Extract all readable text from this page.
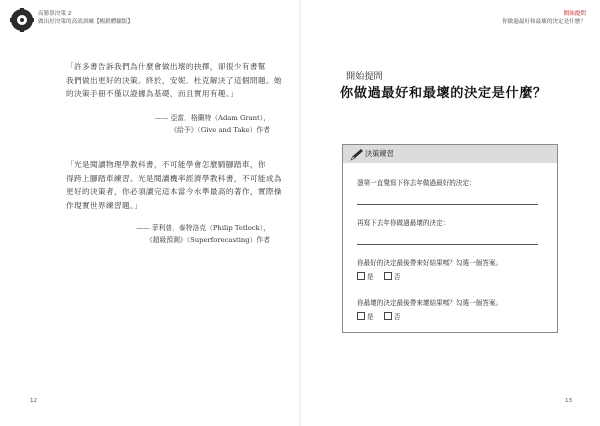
高勝算決策 2
做出好決策的高效訓練【暢銷體驗版】
「許多書告訴我們為什麼會做出壞的抉擇，卻很少有書幫
我們做出更好的決策。終於，安妮．杜克解決了這個問題。她
的決策手冊不僅以證據為基礎，而且實用有趣。」
—— 亞當．格蘭特（Adam Grant），
《給予》（Give and Take）作者
「光是閱讀物理學教科書，不可能學會怎麼騎腳踏車，你
得跨上腳踏車練習。光是閱讀機率經濟學教科書，不可能成為
更好的決策者，你必須讀完這本當今水準最高的著作，實際操
作現實世界練習題。」
—— 菲利普．泰特洛克（Philip Tetlock），
《超級預測》（Superforecasting）作者
12
開始提問
你做過最好和最壞的決定是什麼？
開始提問
你做過最好和最壞的決定是什麼？
決策練習
憑第一直覺寫下你去年做過最好的決定：
再寫下去年你做過最壞的決定：
你最好的決定最後帶來好結果嗎？勾選一個答案。
是	否
你最壞的決定最後帶來壞結果嗎？勾選一個答案。
是	否
13
